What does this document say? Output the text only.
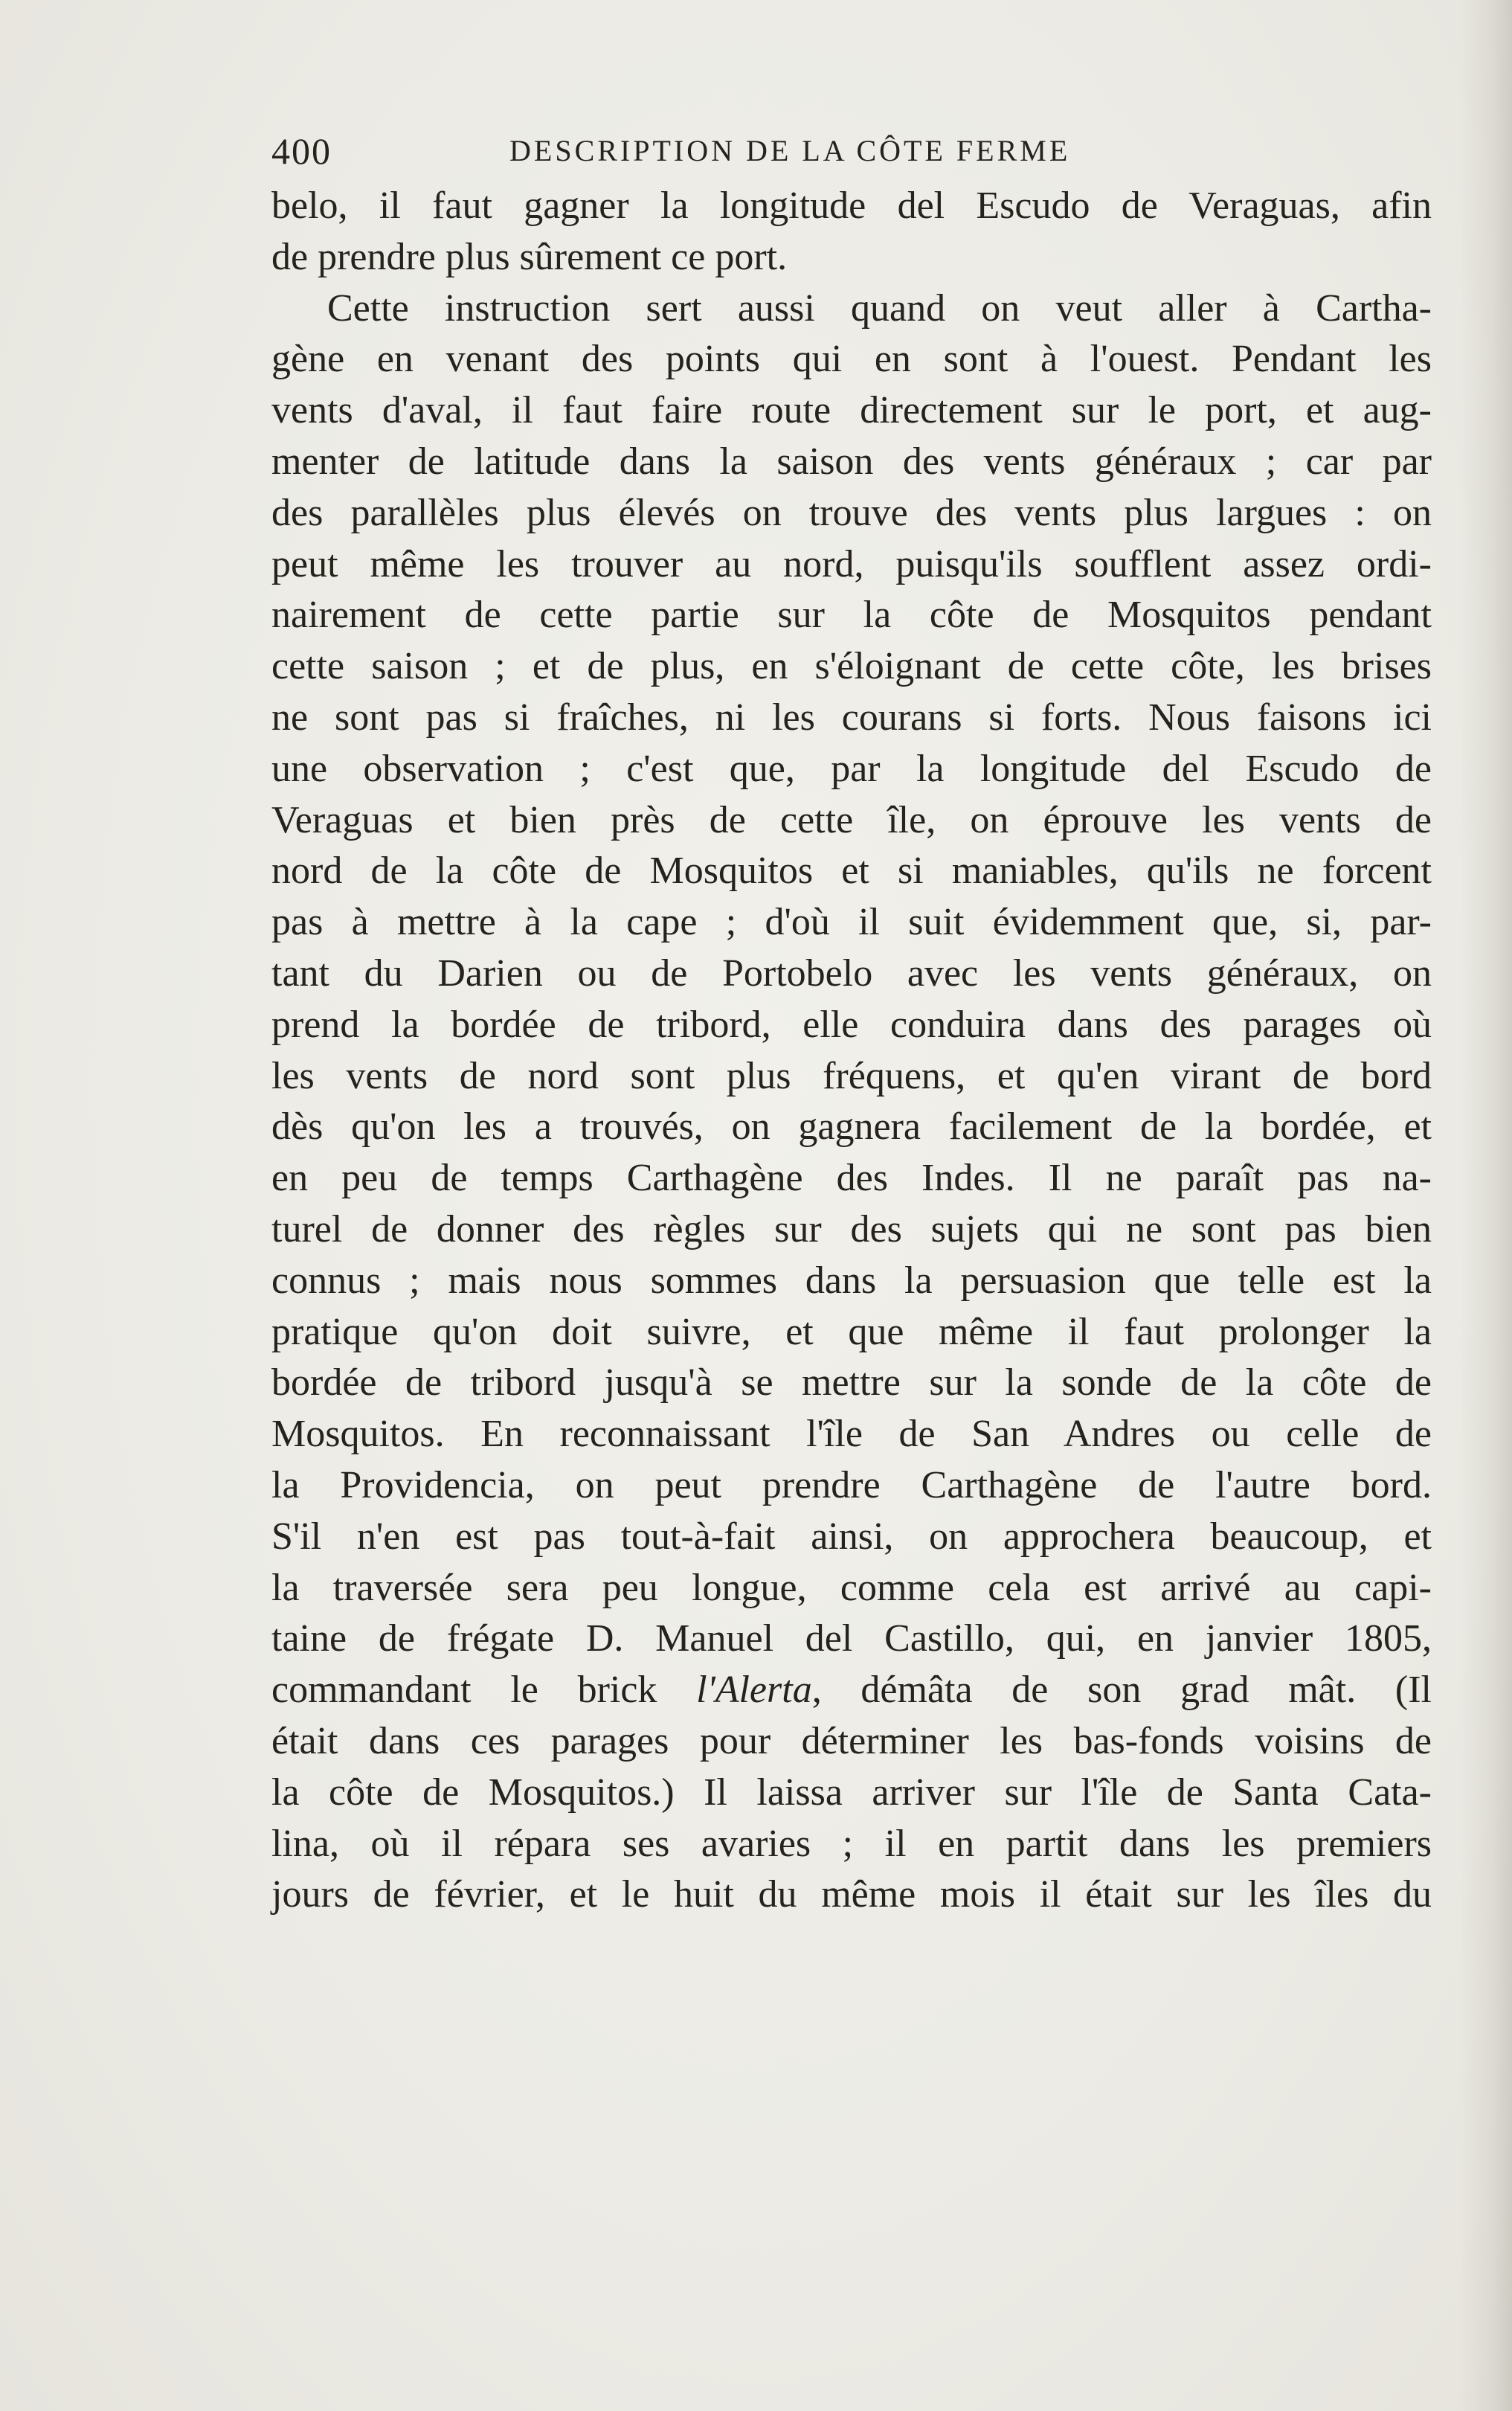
400	DESCRIPTION DE LA CÔTE FERME
belo, il faut gagner la longitude del Escudo de Veraguas, afin
de prendre plus sûrement ce port.
Cette instruction sert aussi quand on veut aller à Cartha-
gène en venant des points qui en sont à l'ouest. Pendant les
vents d'aval, il faut faire route directement sur le port, et aug-
menter de latitude dans la saison des vents généraux ; car par
des parallèles plus élevés on trouve des vents plus largues : on
peut même les trouver au nord, puisqu'ils soufflent assez ordi-
nairement de cette partie sur la côte de Mosquitos pendant
cette saison ; et de plus, en s'éloignant de cette côte, les brises
ne sont pas si fraîches, ni les courans si forts. Nous faisons ici
une observation ; c'est que, par la longitude del Escudo de
Veraguas et bien près de cette île, on éprouve les vents de
nord de la côte de Mosquitos et si maniables, qu'ils ne forcent
pas à mettre à la cape ; d'où il suit évidemment que, si, par-
tant du Darien ou de Portobelo avec les vents généraux, on
prend la bordée de tribord, elle conduira dans des parages où
les vents de nord sont plus fréquens, et qu'en virant de bord
dès qu'on les a trouvés, on gagnera facilement de la bordée, et
en peu de temps Carthagène des Indes. Il ne paraît pas na-
turel de donner des règles sur des sujets qui ne sont pas bien
connus ; mais nous sommes dans la persuasion que telle est la
pratique qu'on doit suivre, et que même il faut prolonger la
bordée de tribord jusqu'à se mettre sur la sonde de la côte de
Mosquitos. En reconnaissant l'île de San Andres ou celle de
la Providencia, on peut prendre Carthagène de l'autre bord.
S'il n'en est pas tout-à-fait ainsi, on approchera beaucoup, et
la traversée sera peu longue, comme cela est arrivé au capi-
taine de frégate D. Manuel del Castillo, qui, en janvier 1805,
commandant le brick l'Alerta, démâta de son grad mât. (Il
était dans ces parages pour déterminer les bas-fonds voisins de
la côte de Mosquitos.) Il laissa arriver sur l'île de Santa Cata-
lina, où il répara ses avaries ; il en partit dans les premiers
jours de février, et le huit du même mois il était sur les îles du
